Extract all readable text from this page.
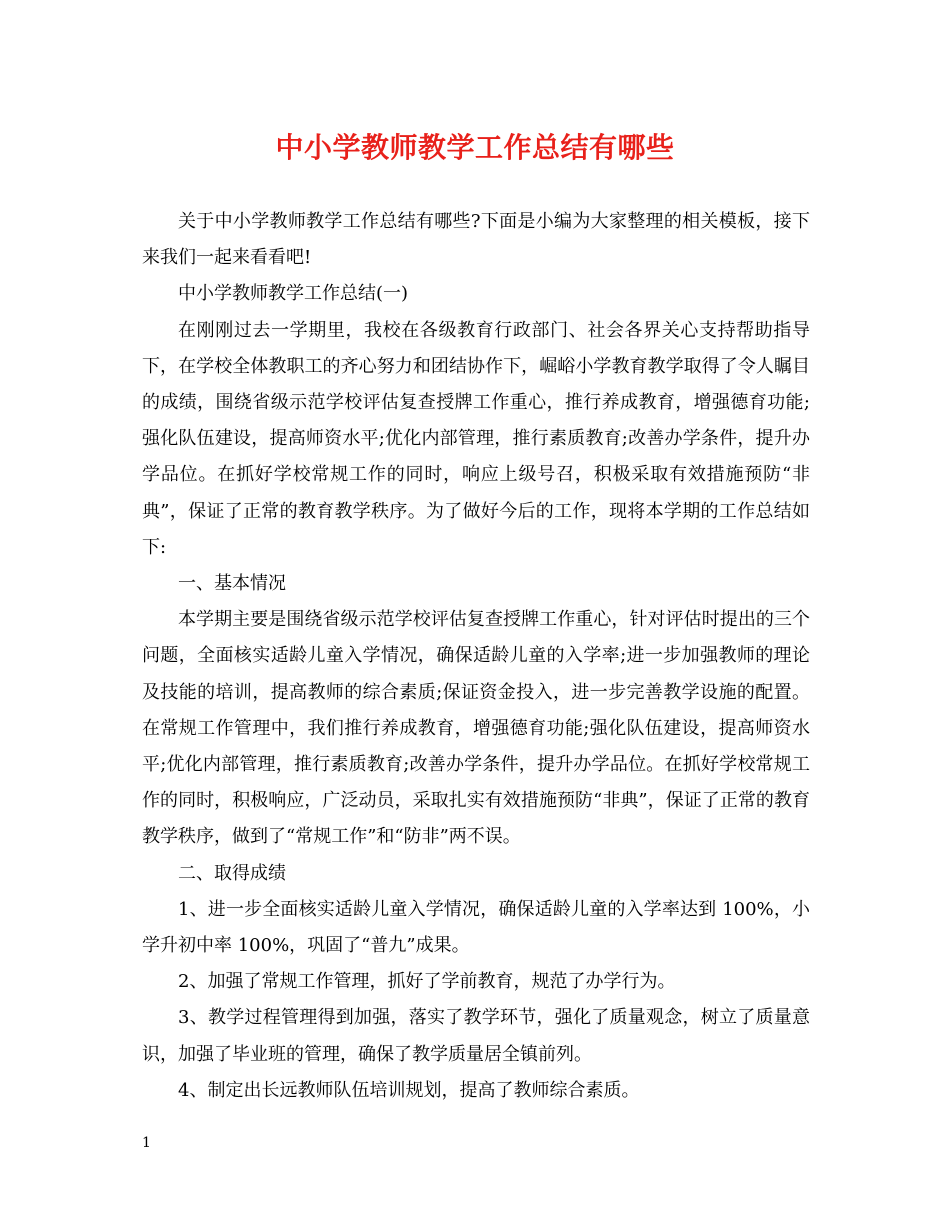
中小学教师教学工作总结有哪些

关于中小学教师教学工作总结有哪些?下面是小编为大家整理的相关模板，接下来我们一起来看看吧!

中小学教师教学工作总结(一)

在刚刚过去一学期里，我校在各级教育行政部门、社会各界关心支持帮助指导下，在学校全体教职工的齐心努力和团结协作下，崛峪小学教育教学取得了令人瞩目的成绩，围绕省级示范学校评估复查授牌工作重心，推行养成教育，增强德育功能;强化队伍建设，提高师资水平;优化内部管理，推行素质教育;改善办学条件，提升办学品位。在抓好学校常规工作的同时，响应上级号召，积极采取有效措施预防“非典”，保证了正常的教育教学秩序。为了做好今后的工作，现将本学期的工作总结如下:

一、基本情况

本学期主要是围绕省级示范学校评估复查授牌工作重心，针对评估时提出的三个问题，全面核实适龄儿童入学情况，确保适龄儿童的入学率;进一步加强教师的理论及技能的培训，提高教师的综合素质;保证资金投入，进一步完善教学设施的配置。在常规工作管理中，我们推行养成教育，增强德育功能;强化队伍建设，提高师资水平;优化内部管理，推行素质教育;改善办学条件，提升办学品位。在抓好学校常规工作的同时，积极响应，广泛动员，采取扎实有效措施预防“非典”，保证了正常的教育教学秩序，做到了“常规工作”和“防非”两不误。

二、取得成绩

1、进一步全面核实适龄儿童入学情况，确保适龄儿童的入学率达到 100%，小学升初中率 100%，巩固了“普九”成果。

2、加强了常规工作管理，抓好了学前教育，规范了办学行为。

3、教学过程管理得到加强，落实了教学环节，强化了质量观念，树立了质量意识，加强了毕业班的管理，确保了教学质量居全镇前列。

4、制定出长远教师队伍培训规划，提高了教师综合素质。

1
